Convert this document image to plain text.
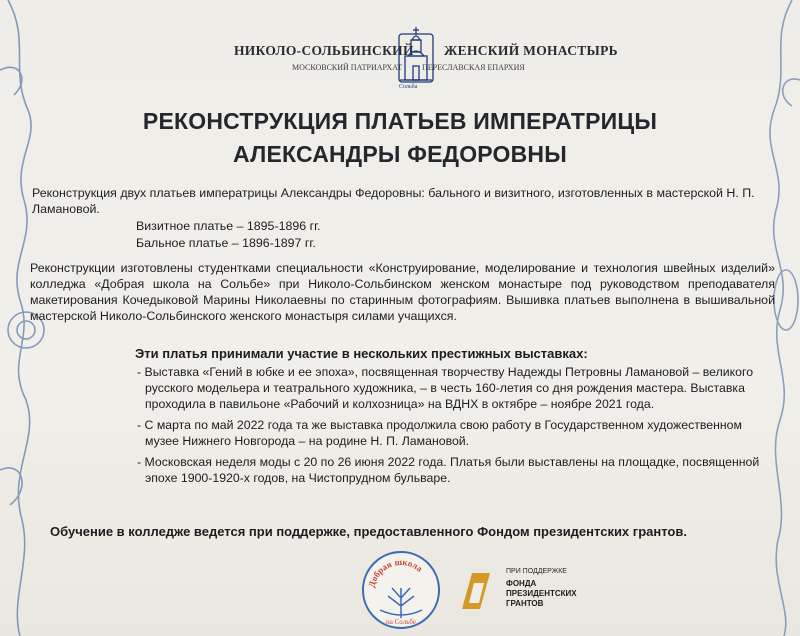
НИКОЛО-СОЛЬБИНСКИЙ ЖЕНСКИЙ МОНАСТЫРЬ
МОСКОВСКИЙ ПАТРИАРХАТ ПЕРЕСЛАВСКАЯ ЕПАРХИЯ
Сольба
РЕКОНСТРУКЦИЯ ПЛАТЬЕВ ИМПЕРАТРИЦЫ
АЛЕКСАНДРЫ ФЕДОРОВНЫ
Реконструкция двух платьев императрицы Александры Федоровны: бального и визитного, изготовленных в мастерской Н. П. Ламановой.
Визитное платье – 1895-1896 гг.
Бальное платье – 1896-1897 гг.
Реконструкции изготовлены студентками специальности «Конструирование, моделирование и технология швейных изделий» колледжа «Добрая школа на Сольбе» при Николо-Сольбинском женском монастыре под руководством преподавателя макетирования Кочедыковой Марины Николаевны по старинным фотографиям. Вышивка платьев выполнена в вышивальной мастерской Николо-Сольбинского женского монастыря силами учащихся.
Эти платья принимали участие в нескольких престижных выставках:
- Выставка «Гений в юбке и ее эпоха», посвященная творчеству Надежды Петровны Ламановой – великого русского модельера и театрального художника, – в честь 160-летия со дня рождения мастера. Выставка проходила в павильоне «Рабочий и колхозница» на ВДНХ в октябре – ноябре 2021 года.
- С марта по май 2022 года та же выставка продолжила свою работу в Государственном художественном музее Нижнего Новгорода – на родине Н. П. Ламановой.
- Московская неделя моды с 20 по 26 июня 2022 года. Платья были выставлены на площадке, посвященной эпохе 1900-1920-х годов, на Чистопрудном бульваре.
Обучение в колледже ведется при поддержке, предоставленного Фондом президентских грантов.
Добрая школа
на Сольбе
ПРИ ПОДДЕРЖКЕ
ФОНДА
ПРЕЗИДЕНТСКИХ
ГРАНТОВ
